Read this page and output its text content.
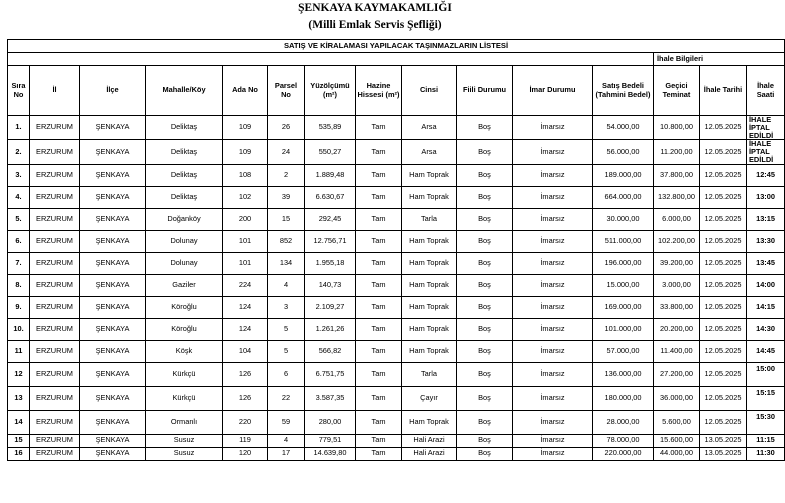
ŞENKAYA KAYMAKAMLIĞI
(Milli Emlak Servis Şefliği)
SATIŞ VE KİRALAMASI YAPILACAK TAŞINMAZLARIN LİSTESİ														
												İhale Bilgileri		
Sıra No	İl	İlçe	Mahalle/Köy	Ada No	Parsel No	Yüzölçümü (m²)	Hazine Hissesi (m²)	Cinsi	Fiili Durumu	İmar Durumu	Satış Bedeli (Tahmini Bedel)	Geçici Teminat	İhale Tarihi	İhale Saati
1.	ERZURUM	ŞENKAYA	Deliktaş	109	26	535,89	Tam	Arsa	Boş	İmarsız	54.000,00	10.800,00	12.05.2025	İHALE İPTAL EDİLDİ
2.	ERZURUM	ŞENKAYA	Deliktaş	109	24	550,27	Tam	Arsa	Boş	İmarsız	56.000,00	11.200,00	12.05.2025	İHALE İPTAL EDİLDİ
3.	ERZURUM	ŞENKAYA	Deliktaş	108	2	1.889,48	Tam	Ham Toprak	Boş	İmarsız	189.000,00	37.800,00	12.05.2025	12:45
4.	ERZURUM	ŞENKAYA	Deliktaş	102	39	6.630,67	Tam	Ham Toprak	Boş	İmarsız	664.000,00	132.800,00	12.05.2025	13:00
5.	ERZURUM	ŞENKAYA	Doğanköy	200	15	292,45	Tam	Tarla	Boş	İmarsız	30.000,00	6.000,00	12.05.2025	13:15
6.	ERZURUM	ŞENKAYA	Dolunay	101	852	12.756,71	Tam	Ham Toprak	Boş	İmarsız	511.000,00	102.200,00	12.05.2025	13:30
7.	ERZURUM	ŞENKAYA	Dolunay	101	134	1.955,18	Tam	Ham Toprak	Boş	İmarsız	196.000,00	39.200,00	12.05.2025	13:45
8.	ERZURUM	ŞENKAYA	Gaziler	224	4	140,73	Tam	Ham Toprak	Boş	İmarsız	15.000,00	3.000,00	12.05.2025	14:00
9.	ERZURUM	ŞENKAYA	Köroğlu	124	3	2.109,27	Tam	Ham Toprak	Boş	İmarsız	169.000,00	33.800,00	12.05.2025	14:15
10.	ERZURUM	ŞENKAYA	Köroğlu	124	5	1.261,26	Tam	Ham Toprak	Boş	İmarsız	101.000,00	20.200,00	12.05.2025	14:30
11	ERZURUM	ŞENKAYA	Köşk	104	5	566,82	Tam	Ham Toprak	Boş	İmarsız	57.000,00	11.400,00	12.05.2025	14:45
12	ERZURUM	ŞENKAYA	Kürkçü	126	6	6.751,75	Tam	Tarla	Boş	İmarsız	136.000,00	27.200,00	12.05.2025	15:00
13	ERZURUM	ŞENKAYA	Kürkçü	126	22	3.587,35	Tam	Çayır	Boş	İmarsız	180.000,00	36.000,00	12.05.2025	15:15
14	ERZURUM	ŞENKAYA	Ormanlı	220	59	280,00	Tam	Ham Toprak	Boş	İmarsız	28.000,00	5.600,00	12.05.2025	15:30
15	ERZURUM	ŞENKAYA	Susuz	119	4	779,51	Tam	Hali Arazi	Boş	İmarsız	78.000,00	15.600,00	13.05.2025	11:15
16	ERZURUM	ŞENKAYA	Susuz	120	17	14.639,80	Tam	Hali Arazi	Boş	İmarsız	220.000,00	44.000,00	13.05.2025	11:30
